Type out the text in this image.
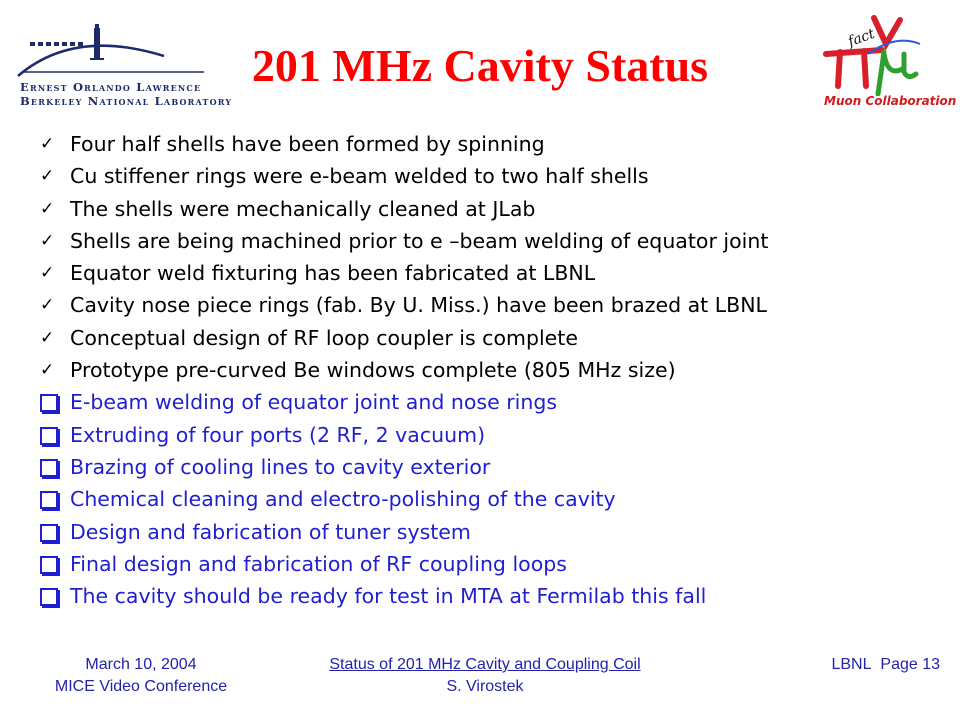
Ernest Orlando Lawrence
Berkeley National Laboratory
201 MHz Cavity Status
fact
Muon Collaboration
✓ Four half shells have been formed by spinning
✓ Cu stiffener rings were e-beam welded to two half shells
✓ The shells were mechanically cleaned at JLab
✓ Shells are being machined prior to e –beam welding of equator joint
✓ Equator weld fixturing has been fabricated at LBNL
✓ Cavity nose piece rings (fab. By U. Miss.) have been brazed at LBNL
✓ Conceptual design of RF loop coupler is complete
✓ Prototype pre-curved Be windows complete (805 MHz size)
E-beam welding of equator joint and nose rings
Extruding of four ports (2 RF, 2 vacuum)
Brazing of cooling lines to cavity exterior
Chemical cleaning and electro-polishing of the cavity
Design and fabrication of tuner system
Final design and fabrication of RF coupling loops
The cavity should be ready for test in MTA at Fermilab this fall
March 10, 2004
MICE Video Conference
Status of 201 MHz Cavity and Coupling Coil
S. Virostek
LBNL Page 13
